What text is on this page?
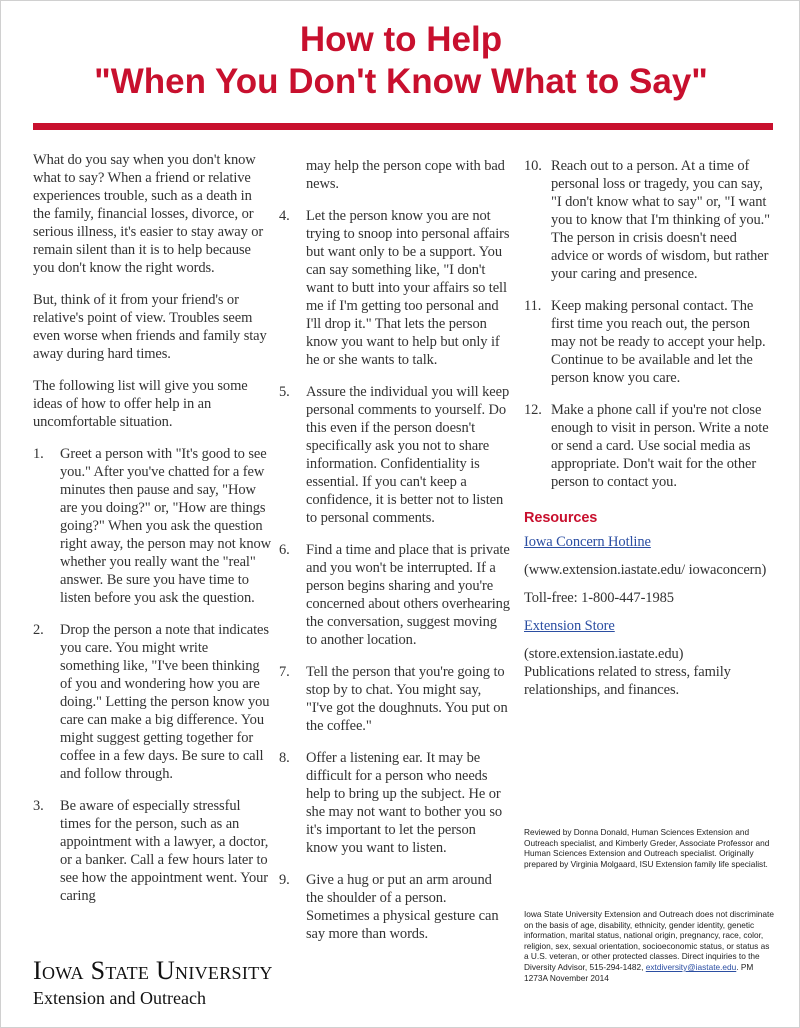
How to Help
"When You Don't Know What to Say"

What do you say when you don't know what to say? When a friend or relative experiences trouble, such as a death in the family, financial losses, divorce, or serious illness, it's easier to stay away or remain silent than it is to help because you don't know the right words.

But, think of it from your friend's or relative's point of view. Troubles seem even worse when friends and family stay away during hard times.

The following list will give you some ideas of how to offer help in an uncomfortable situation.

1. Greet a person with "It's good to see you." After you've chatted for a few minutes then pause and say, "How are you doing?" or, "How are things going?" When you ask the question right away, the person may not know whether you really want the "real" answer. Be sure you have time to listen before you ask the question.
2. Drop the person a note that indicates you care. You might write something like, "I've been thinking of you and wondering how you are doing." Letting the person know you care can make a big difference. You might suggest getting together for coffee in a few days. Be sure to call and follow through.
3. Be aware of especially stressful times for the person, such as an appointment with a lawyer, a doctor, or a banker. Call a few hours later to see how the appointment went. Your caring
may help the person cope with bad news.
4. Let the person know you are not trying to snoop into personal affairs but want only to be a support. You can say something like, "I don't want to butt into your affairs so tell me if I'm getting too personal and I'll drop it." That lets the person know you want to help but only if he or she wants to talk.
5. Assure the individual you will keep personal comments to yourself. Do this even if the person doesn't specifically ask you not to share information. Confidentiality is essential. If you can't keep a confidence, it is better not to listen to personal comments.
6. Find a time and place that is private and you won't be interrupted. If a person begins sharing and you're concerned about others overhearing the conversation, suggest moving to another location.
7. Tell the person that you're going to stop by to chat. You might say, "I've got the doughnuts. You put on the coffee."
8. Offer a listening ear. It may be difficult for a person who needs help to bring up the subject. He or she may not want to bother you so it's important to let the person know you want to listen.
9. Give a hug or put an arm around the shoulder of a person. Sometimes a physical gesture can say more than words.
10. Reach out to a person. At a time of personal loss or tragedy, you can say, "I don't know what to say" or, "I want you to know that I'm thinking of you." The person in crisis doesn't need advice or words of wisdom, but rather your caring and presence.
11. Keep making personal contact. The first time you reach out, the person may not be ready to accept your help. Continue to be available and let the person know you care.
12. Make a phone call if you're not close enough to visit in person. Write a note or send a card. Use social media as appropriate. Don't wait for the other person to contact you.
Resources
Iowa Concern Hotline
(www.extension.iastate.edu/ iowaconcern)
Toll-free: 1-800-447-1985
Extension Store
(store.extension.iastate.edu)
Publications related to stress, family relationships, and finances.
Reviewed by Donna Donald, Human Sciences Extension and Outreach specialist, and Kimberly Greder, Associate Professor and Human Sciences Extension and Outreach specialist. Originally prepared by Virginia Molgaard, ISU Extension family life specialist.
Iowa State University Extension and Outreach does not discriminate on the basis of age, disability, ethnicity, gender identity, genetic information, marital status, national origin, pregnancy, race, color, religion, sex, sexual orientation, socioeconomic status, or status as a U.S. veteran, or other protected classes. Direct inquiries to the Diversity Advisor, 515-294-1482, extdiversity@iastate.edu. PM 1273A November 2014
Iowa State University
Extension and Outreach
